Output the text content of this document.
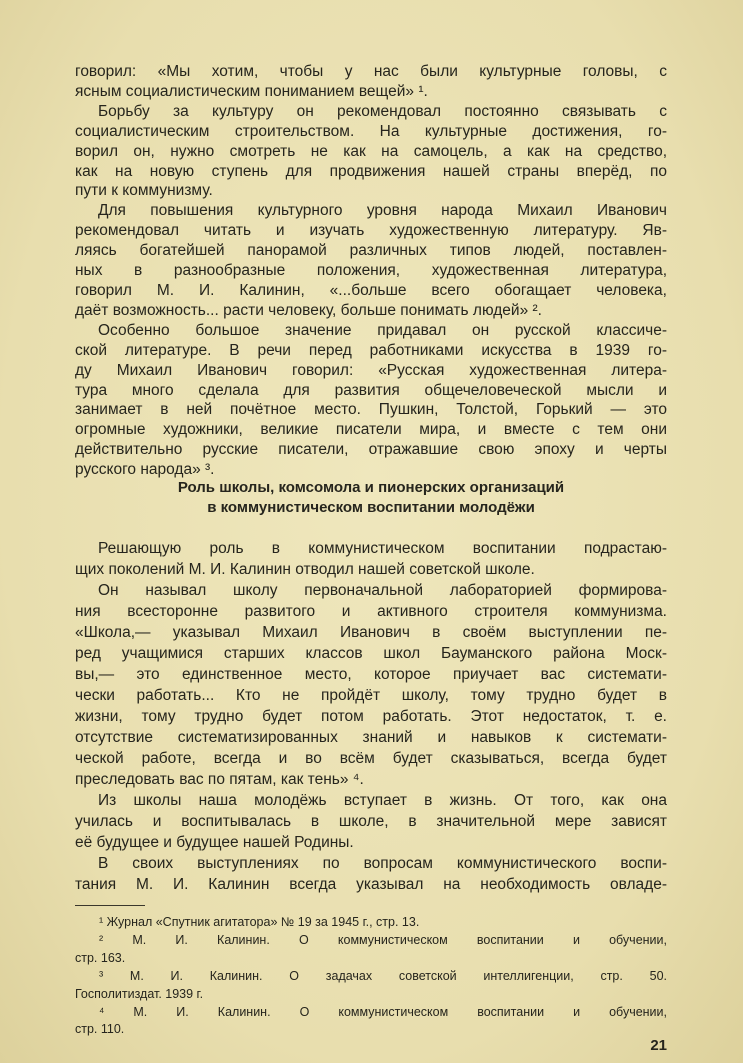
говорил: «Мы хотим, чтобы у нас были культурные головы, с
ясным социалистическим пониманием вещей» ¹.
Борьбу за культуру он рекомендовал постоянно связывать с
социалистическим строительством. На культурные достижения, го-
ворил он, нужно смотреть не как на самоцель, а как на средство,
как на новую ступень для продвижения нашей страны вперёд, по
пути к коммунизму.
Для повышения культурного уровня народа Михаил Иванович
рекомендовал читать и изучать художественную литературу. Яв-
ляясь богатейшей панорамой различных типов людей, поставлен-
ных в разнообразные положения, художественная литература,
говорил М. И. Калинин, «...больше всего обогащает человека,
даёт возможность... расти человеку, больше понимать людей» ².
Особенно большое значение придавал он русской классиче-
ской литературе. В речи перед работниками искусства в 1939 го-
ду Михаил Иванович говорил: «Русская художественная литера-
тура много сделала для развития общечеловеческой мысли и
занимает в ней почётное место. Пушкин, Толстой, Горький — это
огромные художники, великие писатели мира, и вместе с тем они
действительно русские писатели, отражавшие свою эпоху и черты
русского народа» ³.
Роль школы, комсомола и пионерских организаций
в коммунистическом воспитании молодёжи
Решающую роль в коммунистическом воспитании подрастаю-
щих поколений М. И. Калинин отводил нашей советской школе.
Он называл школу первоначальной лабораторией формирова-
ния всесторонне развитого и активного строителя коммунизма.
«Школа,— указывал Михаил Иванович в своём выступлении пе-
ред учащимися старших классов школ Бауманского района Моск-
вы,— это единственное место, которое приучает вас системати-
чески работать... Кто не пройдёт школу, тому трудно будет в
жизни, тому трудно будет потом работать. Этот недостаток, т. е.
отсутствие систематизированных знаний и навыков к системати-
ческой работе, всегда и во всём будет сказываться, всегда будет
преследовать вас по пятам, как тень» ⁴.
Из школы наша молодёжь вступает в жизнь. От того, как она
училась и воспитывалась в школе, в значительной мере зависят
её будущее и будущее нашей Родины.
В своих выступлениях по вопросам коммунистического воспи-
тания М. И. Калинин всегда указывал на необходимость овладе-
¹ Журнал «Спутник агитатора» № 19 за 1945 г., стр. 13.
² М. И. Калинин. О коммунистическом воспитании и обучении,
стр. 163.
³ М. И. Калинин. О задачах советской интеллигенции, стр. 50.
Госполитиздат. 1939 г.
⁴ М. И. Калинин. О коммунистическом воспитании и обучении,
стр. 110.
21
